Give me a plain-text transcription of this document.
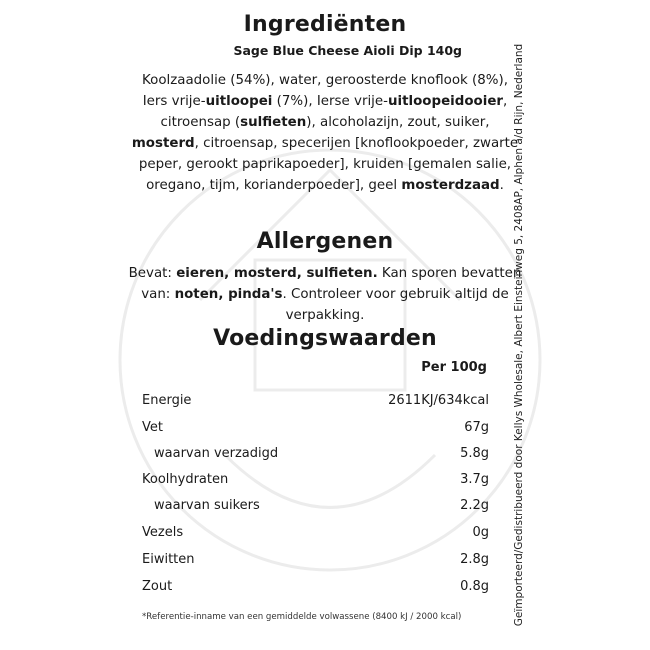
Ingrediënten
Sage Blue Cheese Aioli Dip 140g
Koolzaadolie (54%), water, geroosterde knoflook (8%), Iers vrije-uitloopei (7%), Ierse vrije-uitloopeidooier, citroensap (sulfieten), alcoholazijn, zout, suiker, mosterd, citroensap, specerijen [knoflookpoeder, zwarte peper, gerookt paprikapoeder], kruiden [gemalen salie, oregano, tijm, korianderpoeder], geel mosterdzaad.
Allergenen
Bevat: eieren, mosterd, sulfieten. Kan sporen bevatten van: noten, pinda's. Controleer voor gebruik altijd de verpakking.
Voedingswaarden
Per 100g
Energie	2611KJ/634kcal
Vet	67g
waarvan verzadigd	5.8g
Koolhydraten	3.7g
waarvan suikers	2.2g
Vezels	0g
Eiwitten	2.8g
Zout	0.8g
*Referentie-inname van een gemiddelde volwassene (8400 kJ / 2000 kcal)	Geïmporteerd/Gedistribueerd door Kellys Wholesale, Albert Einsteinweg 5, 2408AP, Alphen a/d Rijn, Nederland
